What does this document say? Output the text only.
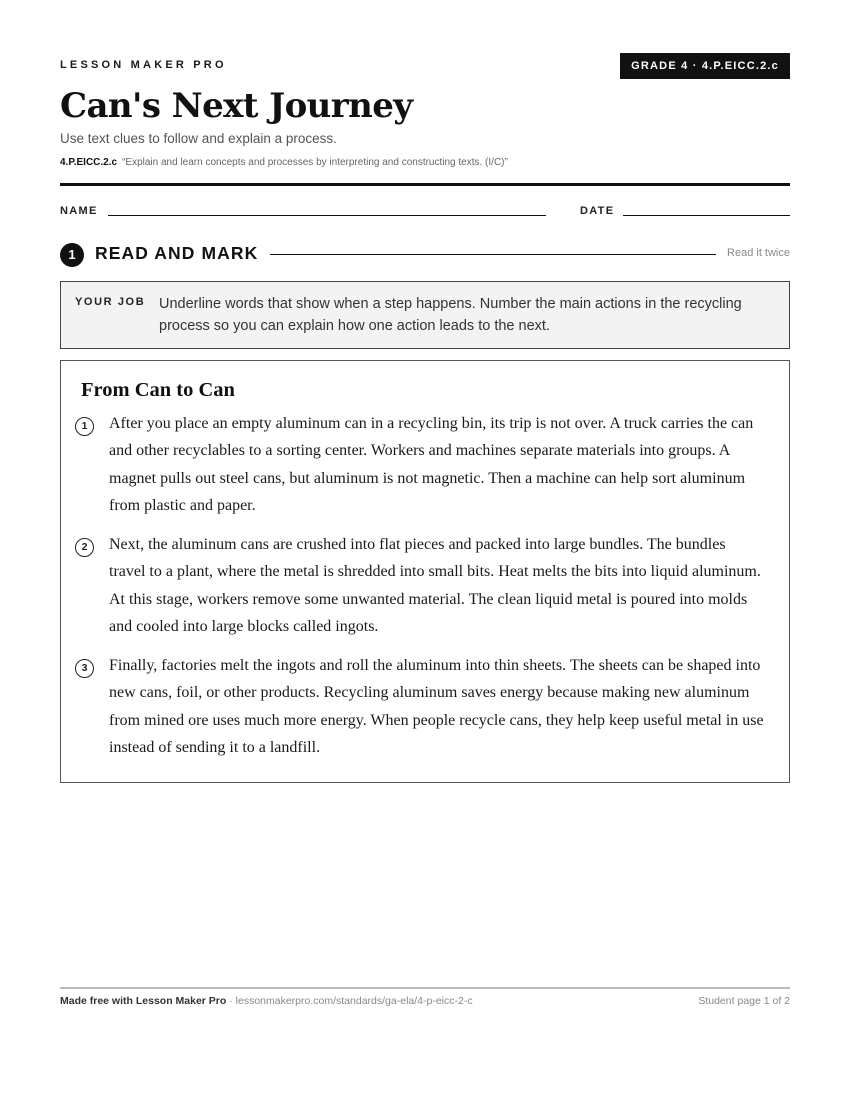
LESSON MAKER PRO	GRADE 4 · 4.P.EICC.2.c
Can's Next Journey
Use text clues to follow and explain a process.
4.P.EICC.2.c “Explain and learn concepts and processes by interpreting and constructing texts. (I/C)”
NAME	DATE
1	READ AND MARK	Read it twice
YOUR JOB Underline words that show when a step happens. Number the main actions in the recycling process so you can explain how one action leads to the next.
From Can to Can
1	After you place an empty aluminum can in a recycling bin, its trip is not over. A truck carries the can and other recyclables to a sorting center. Workers and machines separate materials into groups. A magnet pulls out steel cans, but aluminum is not magnetic. Then a machine can help sort aluminum from plastic and paper.

2	Next, the aluminum cans are crushed into flat pieces and packed into large bundles. The bundles travel to a plant, where the metal is shredded into small bits. Heat melts the bits into liquid aluminum. At this stage, workers remove some unwanted material. The clean liquid metal is poured into molds and cooled into large blocks called ingots.

3	Finally, factories melt the ingots and roll the aluminum into thin sheets. The sheets can be shaped into new cans, foil, or other products. Recycling aluminum saves energy because making new aluminum from mined ore uses much more energy. When people recycle cans, they help keep useful metal in use instead of sending it to a landfill.

Made free with Lesson Maker Pro · lessonmakerpro.com/standards/ga-ela/4-p-eicc-2-c	Student page 1 of 2
